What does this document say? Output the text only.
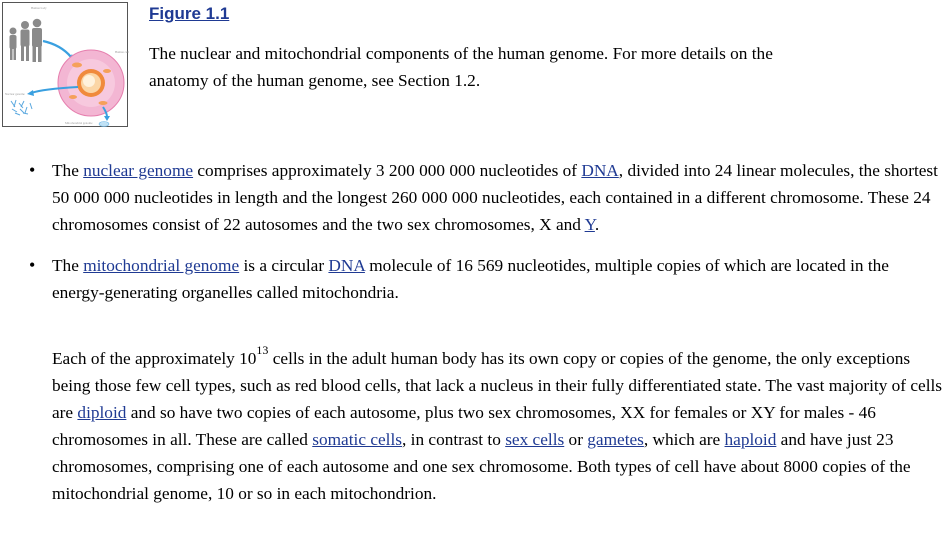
Human body
Human cell
Nuclear genome
Mitochondrial genome
Figure 1.1

The nuclear and mitochondrial components of the human genome. For more details on the anatomy of the human genome, see Section 1.2.

• The nuclear genome comprises approximately 3 200 000 000 nucleotides of DNA, divided into 24 linear molecules, the shortest 50 000 000 nucleotides in length and the longest 260 000 000 nucleotides, each contained in a different chromosome. These 24 chromosomes consist of 22 autosomes and the two sex chromosomes, X and Y.
• The mitochondrial genome is a circular DNA molecule of 16 569 nucleotides, multiple copies of which are located in the energy-generating organelles called mitochondria.

Each of the approximately $10^{13}$ cells in the adult human body has its own copy or copies of the genome, the only exceptions being those few cell types, such as red blood cells, that lack a nucleus in their fully differentiated state. The vast majority of cells are diploid and so have two copies of each autosome, plus two sex chromosomes, XX for females or XY for males - 46 chromosomes in all. These are called somatic cells, in contrast to sex cells or gametes, which are haploid and have just 23 chromosomes, comprising one of each autosome and one sex chromosome. Both types of cell have about 8000 copies of the mitochondrial genome, 10 or so in each mitochondrion.
